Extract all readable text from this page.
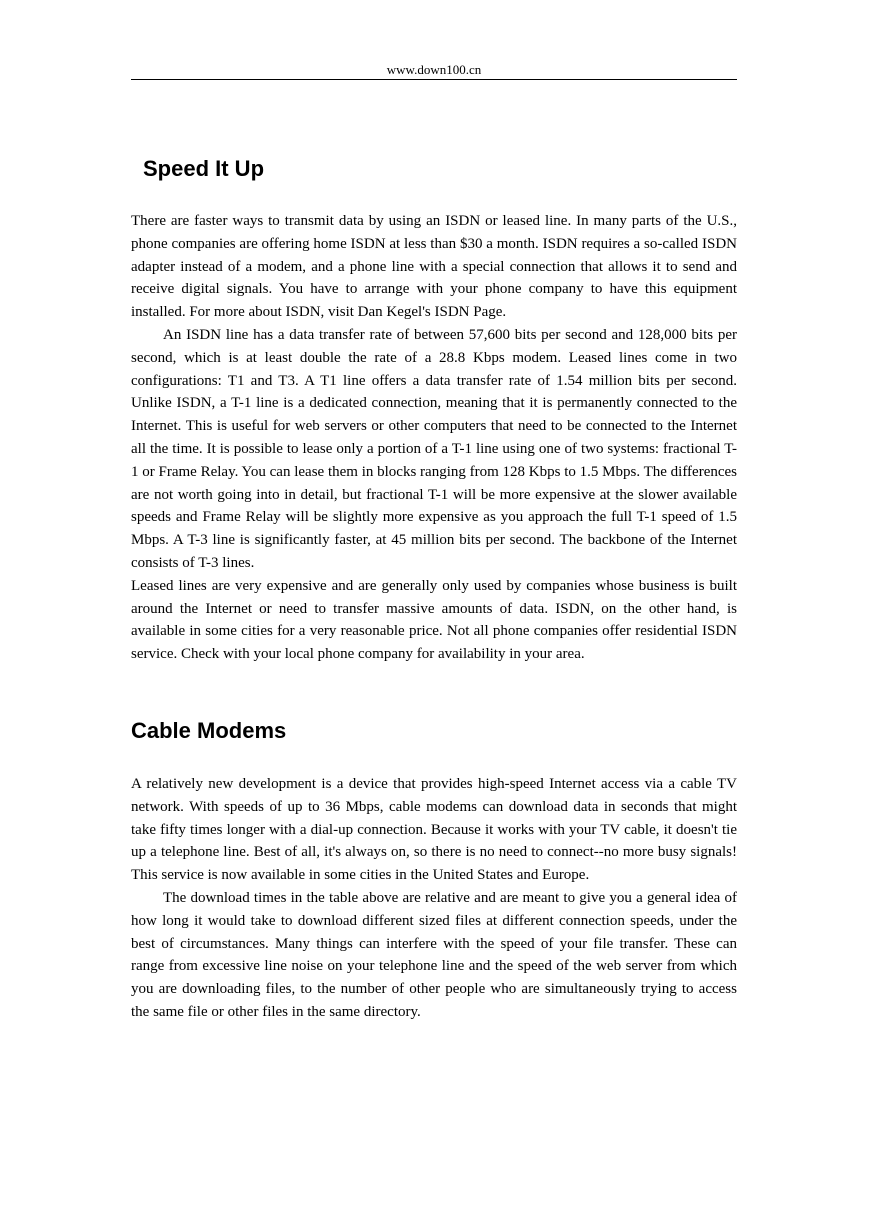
www.down100.cn
Speed It Up

There are faster ways to transmit data by using an ISDN or leased line. In many parts of the U.S., phone companies are offering home ISDN at less than $30 a month. ISDN requires a so-called ISDN adapter instead of a modem, and a phone line with a special connection that allows it to send and receive digital signals. You have to arrange with your phone company to have this equipment installed. For more about ISDN, visit Dan Kegel's ISDN Page.

An ISDN line has a data transfer rate of between 57,600 bits per second and 128,000 bits per second, which is at least double the rate of a 28.8 Kbps modem. Leased lines come in two configurations: T1 and T3. A T1 line offers a data transfer rate of 1.54 million bits per second. Unlike ISDN, a T-1 line is a dedicated connection, meaning that it is permanently connected to the Internet. This is useful for web servers or other computers that need to be connected to the Internet all the time. It is possible to lease only a portion of a T-1 line using one of two systems: fractional T-1 or Frame Relay. You can lease them in blocks ranging from 128 Kbps to 1.5 Mbps. The differences are not worth going into in detail, but fractional T-1 will be more expensive at the slower available speeds and Frame Relay will be slightly more expensive as you approach the full T-1 speed of 1.5 Mbps. A T-3 line is significantly faster, at 45 million bits per second. The backbone of the Internet consists of T-3 lines.

Leased lines are very expensive and are generally only used by companies whose business is built around the Internet or need to transfer massive amounts of data. ISDN, on the other hand, is available in some cities for a very reasonable price. Not all phone companies offer residential ISDN service. Check with your local phone company for availability in your area.

Cable Modems

A relatively new development is a device that provides high-speed Internet access via a cable TV network. With speeds of up to 36 Mbps, cable modems can download data in seconds that might take fifty times longer with a dial-up connection. Because it works with your TV cable, it doesn't tie up a telephone line. Best of all, it's always on, so there is no need to connect--no more busy signals! This service is now available in some cities in the United States and Europe.

The download times in the table above are relative and are meant to give you a general idea of how long it would take to download different sized files at different connection speeds, under the best of circumstances. Many things can interfere with the speed of your file transfer. These can range from excessive line noise on your telephone line and the speed of the web server from which you are downloading files, to the number of other people who are simultaneously trying to access the same file or other files in the same directory.
